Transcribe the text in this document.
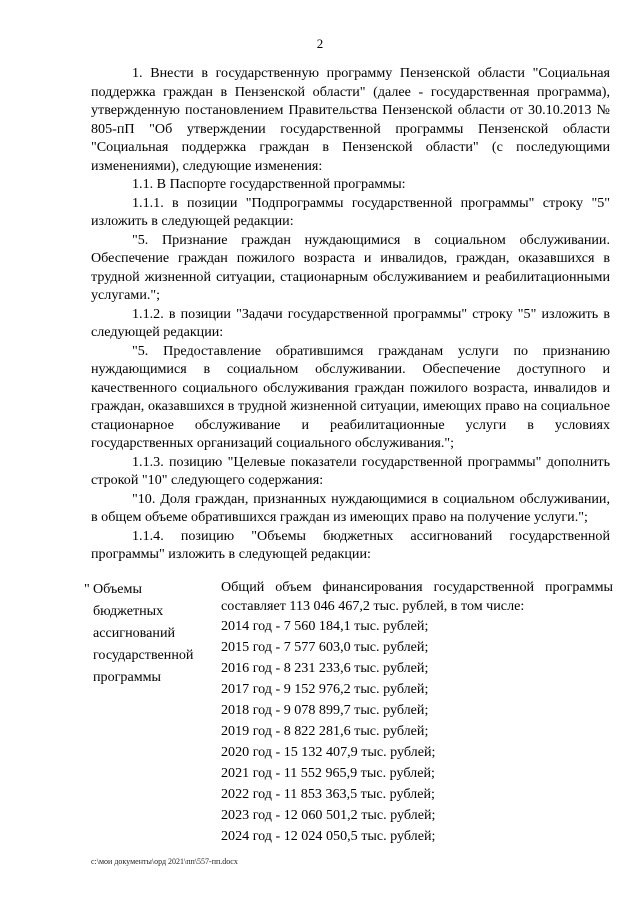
2

1. Внести в государственную программу Пензенской области "Социальная поддержка граждан в Пензенской области" (далее - государственная программа), утвержденную постановлением Правительства Пензенской области от 30.10.2013 № 805-пП "Об утверждении государственной программы Пензенской области "Социальная поддержка граждан в Пензенской области" (с последующими изменениями), следующие изменения:

1.1. В Паспорте государственной программы:

1.1.1. в позиции "Подпрограммы государственной программы" строку "5" изложить в следующей редакции:

"5. Признание граждан нуждающимися в социальном обслуживании. Обеспечение граждан пожилого возраста и инвалидов, граждан, оказавшихся в трудной жизненной ситуации, стационарным обслуживанием и реабилитационными услугами.";

1.1.2. в позиции "Задачи государственной программы" строку "5" изложить в следующей редакции:

"5. Предоставление обратившимся гражданам услуги по признанию нуждающимися в социальном обслуживании. Обеспечение доступного и качественного социального обслуживания граждан пожилого возраста, инвалидов и граждан, оказавшихся в трудной жизненной ситуации, имеющих право на социальное стационарное обслуживание и реабилитационные услуги в условиях государственных организаций социального обслуживания.";

1.1.3. позицию "Целевые показатели государственной программы" дополнить строкой "10" следующего содержания:

"10. Доля граждан, признанных нуждающимися в социальном обслуживании, в общем объеме обратившихся граждан из имеющих право на получение услуги.";

1.1.4. позицию "Объемы бюджетных ассигнований государственной программы" изложить в следующей редакции:

" Объемы
бюджетных
ассигнований
государственной
программы
Общий объем финансирования государственной программы составляет 113 046 467,2 тыс. рублей, в том числе:
2014 год - 7 560 184,1 тыс. рублей;
2015 год - 7 577 603,0 тыс. рублей;
2016 год - 8 231 233,6 тыс. рублей;
2017 год - 9 152 976,2 тыс. рублей;
2018 год - 9 078 899,7 тыс. рублей;
2019 год - 8 822 281,6 тыс. рублей;
2020 год - 15 132 407,9 тыс. рублей;
2021 год - 11 552 965,9 тыс. рублей;
2022 год - 11 853 363,5 тыс. рублей;
2023 год - 12 060 501,2 тыс. рублей;
2024 год - 12 024 050,5 тыс. рублей;
c:\мои документы\орд 2021\пп\557-пп.docx
